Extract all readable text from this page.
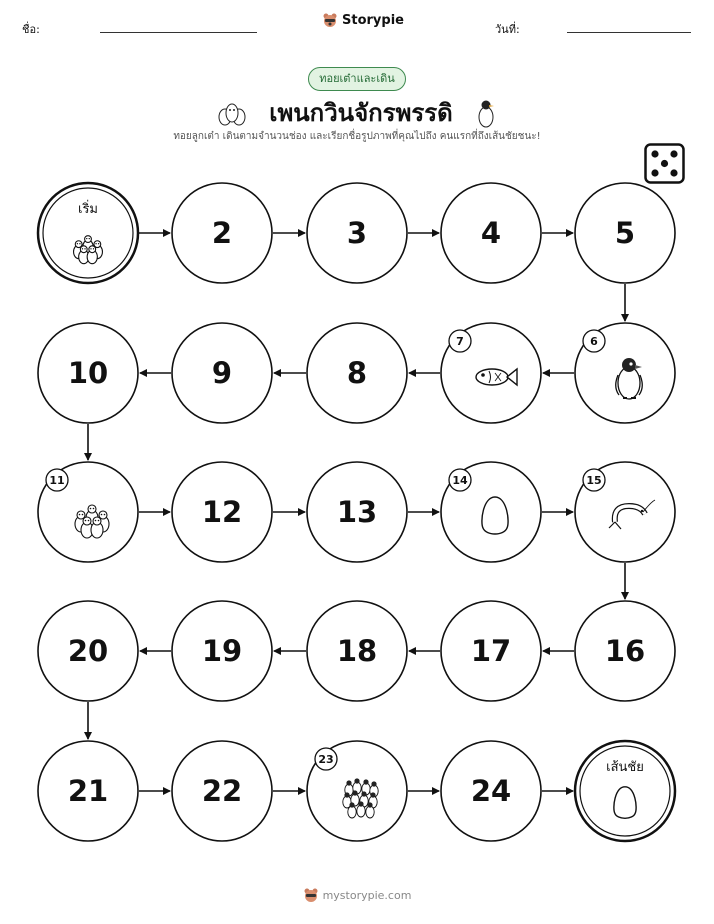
ชื่อ:
Storypie
วันที่:
ทอยเต๋าและเดิน
เพนกวินจักรพรรดิ
ทอยลูกเต๋า เดินตามจำนวนช่อง และเรียกชื่อรูปภาพที่คุณไปถึง คนแรกที่ถึงเส้นชัยชนะ!
เริ่ม
2	3	4	5
6
7
8
9
10
11
12	13
14	15
16
17
18
19
20
21	22
23
24
เส้นชัย
mystorypie.com
